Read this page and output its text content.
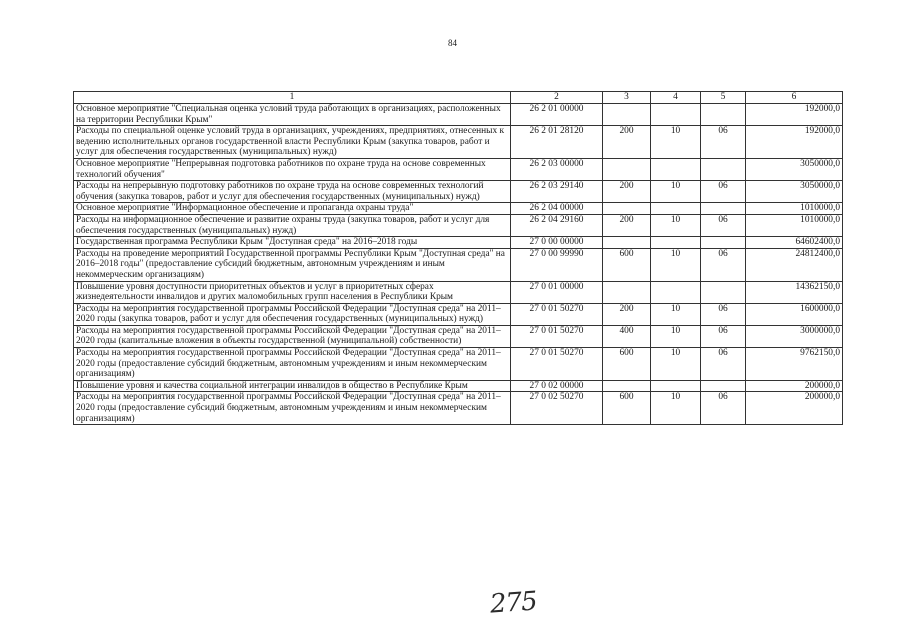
84
1	2	3	4	5	6
Основное мероприятие "Специальная оценка условий труда работающих в организациях, расположенных на территории Республики Крым"	26 2 01 00000				192000,0
Расходы по специальной оценке условий труда в организациях, учреждениях, предприятиях, отнесенных к ведению исполнительных органов государственной власти Республики Крым (закупка товаров, работ и услуг для обеспечения государственных (муниципальных) нужд)	26 2 01 28120	200	10	06	192000,0
Основное мероприятие "Непрерывная подготовка работников по охране труда на основе современных технологий обучения"	26 2 03 00000				3050000,0
Расходы на непрерывную подготовку работников по охране труда на основе современных технологий обучения (закупка товаров, работ и услуг для обеспечения государственных (муниципальных) нужд)	26 2 03 29140	200	10	06	3050000,0
Основное мероприятие "Информационное обеспечение и пропаганда охраны труда"	26 2 04 00000				1010000,0
Расходы на информационное обеспечение и развитие охраны труда (закупка товаров, работ и услуг для обеспечения государственных (муниципальных) нужд)	26 2 04 29160	200	10	06	1010000,0
Государственная программа Республики Крым "Доступная среда" на 2016–2018 годы	27 0 00 00000				64602400,0
Расходы на проведение мероприятий Государственной программы Республики Крым "Доступная среда" на 2016–2018 годы" (предоставление субсидий бюджетным, автономным учреждениям и иным некоммерческим организациям)	27 0 00 99990	600	10	06	24812400,0
Повышение уровня доступности приоритетных объектов и услуг в приоритетных сферах жизнедеятельности инвалидов и других маломобильных групп населения в Республики Крым	27 0 01 00000				14362150,0
Расходы на мероприятия государственной программы Российской Федерации "Доступная среда" на 2011–2020 годы (закупка товаров, работ и услуг для обеспечения государственных (муниципальных) нужд)	27 0 01 50270	200	10	06	1600000,0
Расходы на мероприятия государственной программы Российской Федерации "Доступная среда" на 2011–2020 годы (капитальные вложения в объекты государственной (муниципальной) собственности)	27 0 01 50270	400	10	06	3000000,0
Расходы на мероприятия государственной программы Российской Федерации "Доступная среда" на 2011–2020 годы (предоставление субсидий бюджетным, автономным учреждениям и иным некоммерческим организациям)	27 0 01 50270	600	10	06	9762150,0
Повышение уровня и качества социальной интеграции инвалидов в общество в Республике Крым	27 0 02 00000				200000,0
Расходы на мероприятия государственной программы Российской Федерации "Доступная среда" на 2011–2020 годы (предоставление субсидий бюджетным, автономным учреждениям и иным некоммерческим организациям)	27 0 02 50270	600	10	06	200000,0
275
